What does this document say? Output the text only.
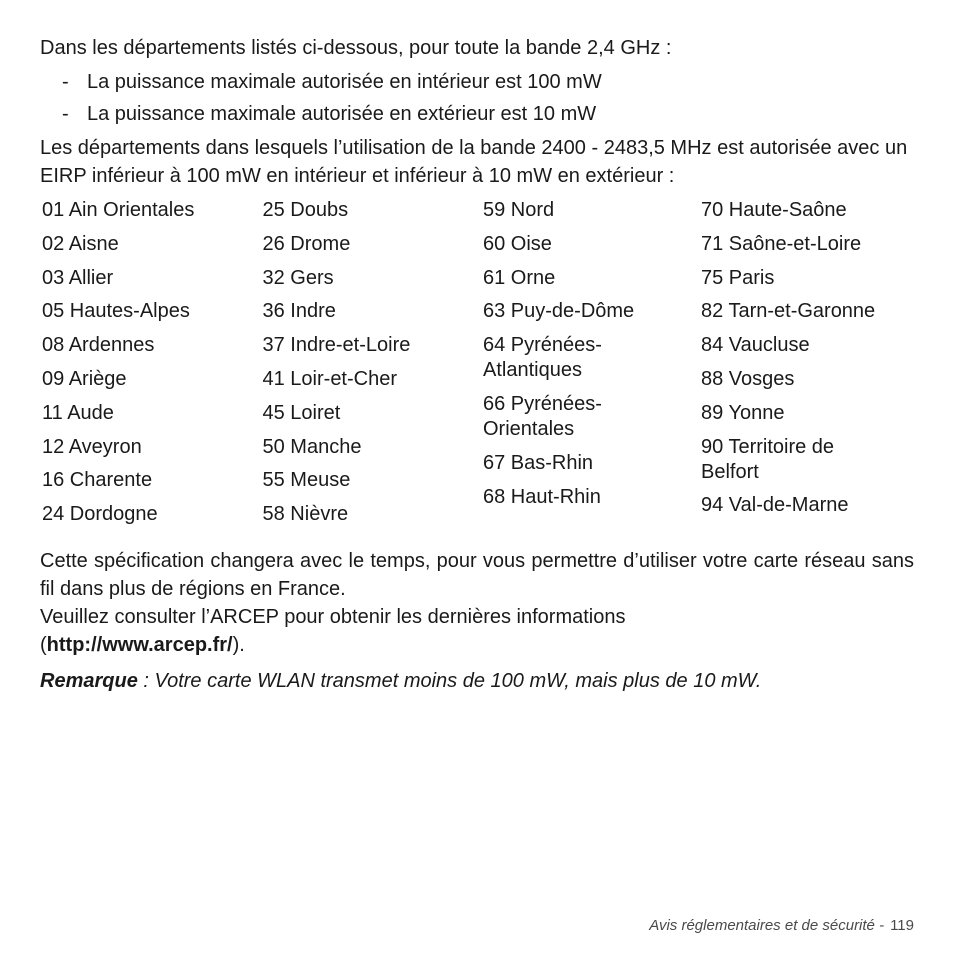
Dans les départements listés ci-dessous, pour toute la bande 2,4 GHz :

- La puissance maximale autorisée en intérieur est 100 mW
- La puissance maximale autorisée en extérieur est 10 mW

Les départements dans lesquels l’utilisation de la bande 2400 - 2483,5 MHz est autorisée avec un EIRP inférieur à 100 mW en intérieur et inférieur à 10 mW en extérieur :

01 Ain Orientales
02 Aisne
03 Allier
05 Hautes-Alpes
08 Ardennes
09 Ariège
11 Aude
12 Aveyron
16 Charente
24 Dordogne
25 Doubs
26 Drome
32 Gers
36 Indre
37 Indre-et-Loire
41 Loir-et-Cher
45 Loiret
50 Manche
55 Meuse
58 Nièvre
59 Nord
60 Oise
61 Orne
63 Puy-de-Dôme
64 Pyrénées-Atlantiques
66 Pyrénées-Orientales
67 Bas-Rhin
68 Haut-Rhin
70 Haute-Saône
71 Saône-et-Loire
75 Paris
82 Tarn-et-Garonne
84 Vaucluse
88 Vosges
89 Yonne
90 Territoire de Belfort
94 Val-de-Marne

Cette spécification changera avec le temps, pour vous permettre d’utiliser votre carte réseau sans fil dans plus de régions en France.

Veuillez consulter l’ARCEP pour obtenir les dernières informations
(http://www.arcep.fr/).

Remarque : Votre carte WLAN transmet moins de 100 mW, mais plus de 10 mW.

Avis réglementaires et de sécurité - 119
